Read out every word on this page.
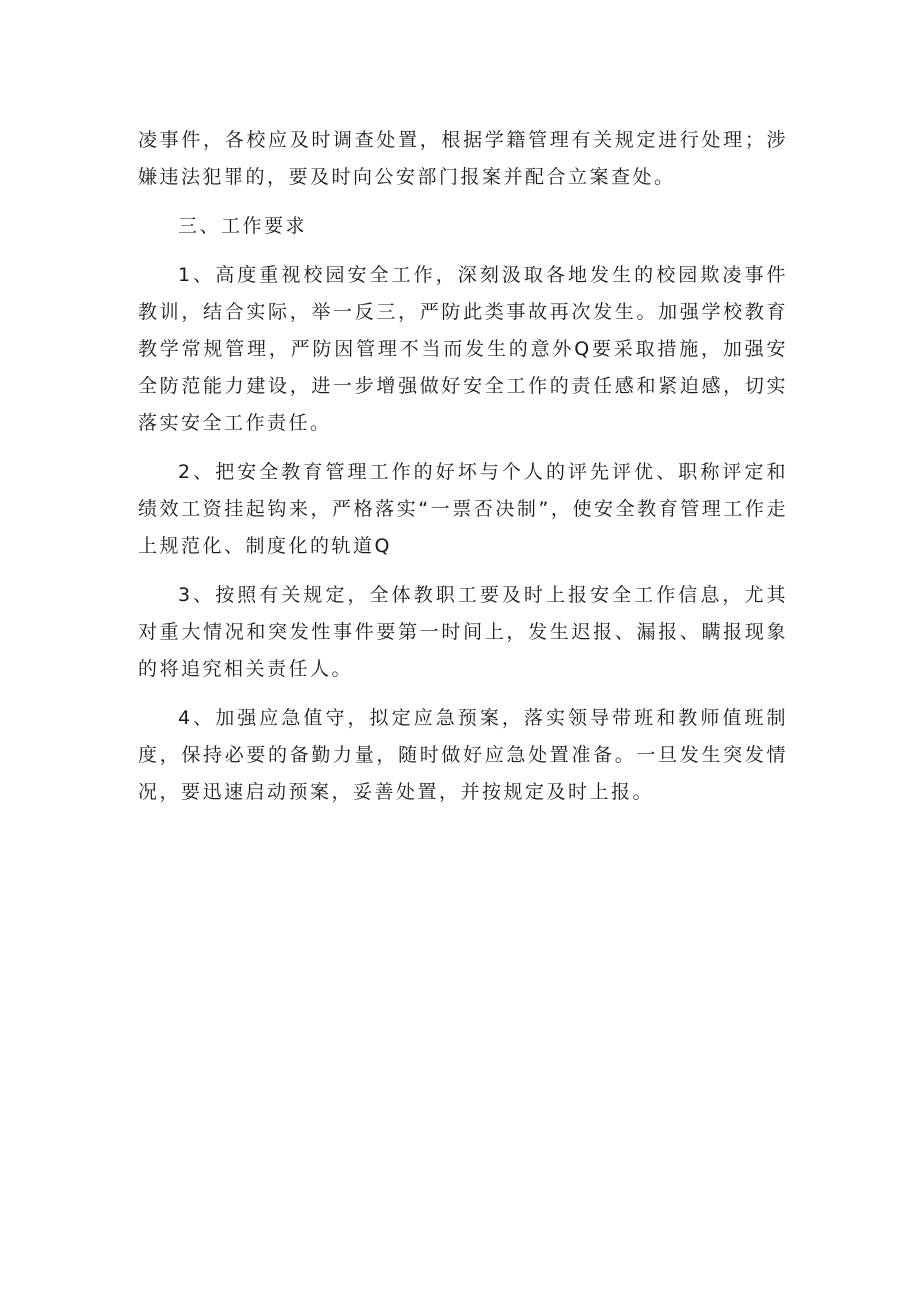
凌事件，各校应及时调查处置，根据学籍管理有关规定进行处理；涉嫌违法犯罪的，要及时向公安部门报案并配合立案查处。

三、工作要求

1、高度重视校园安全工作，深刻汲取各地发生的校园欺凌事件教训，结合实际，举一反三，严防此类事故再次发生。加强学校教育教学常规管理，严防因管理不当而发生的意外Q要采取措施，加强安全防范能力建设，进一步增强做好安全工作的责任感和紧迫感，切实落实安全工作责任。

2、把安全教育管理工作的好坏与个人的评先评优、职称评定和绩效工资挂起钩来，严格落实“一票否决制”，使安全教育管理工作走上规范化、制度化的轨道Q

3、按照有关规定，全体教职工要及时上报安全工作信息，尤其对重大情况和突发性事件要第一时间上，发生迟报、漏报、瞒报现象的将追究相关责任人。

4、加强应急值守，拟定应急预案，落实领导带班和教师值班制度，保持必要的备勤力量，随时做好应急处置准备。一旦发生突发情况，要迅速启动预案，妥善处置，并按规定及时上报。
